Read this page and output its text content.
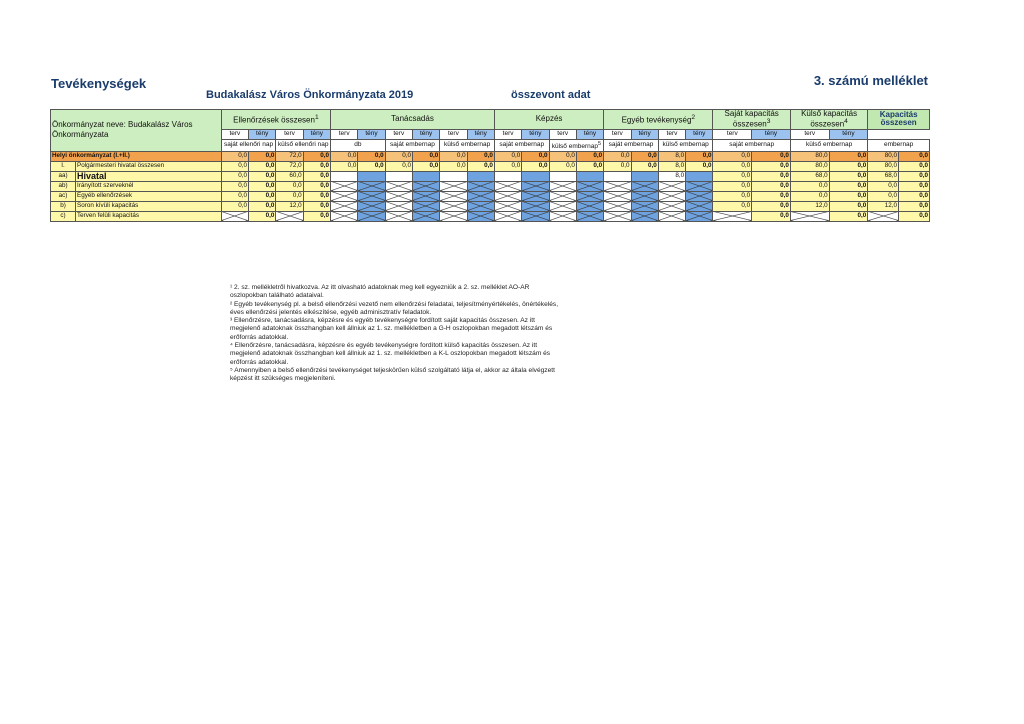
Tevékenységek
Budakalász Város Önkormányzata 2019	összevont adat
3. számú melléklet
Önkormányzat neve: Budakalász Város Önkormányzata		Ellenőrzések összesen$^1$				Tanácsadás						Képzés				Egyéb tevékenység$^2$				Saját kapacitás összesen$^3$		Külső kapacitás összesen$^4$		Kapacitás összesen	
		terv	tény	terv	tény	terv	tény	terv	tény	terv	tény	terv	tény	terv	tény	terv	tény	terv	tény	terv	tény	terv	tény		
		saját ellenőri nap		külső ellenőri nap		db		saját embernap		külső embernap		saját embernap		külső embernap$^5$		saját embernap		külső embernap		saját embernap		külső embernap		embernap	
Helyi önkormányzat (I.+II.)		0,0	0,0	72,0	0,0	0,0	0,0	0,0	0,0	0,0	0,0	0,0	0,0	0,0	0,0	0,0	0,0	8,0	0,0	0,0	0,0	80,0	0,0	80,0	0,0
I.	Polgármesteri hivatal összesen	0,0	0,0	72,0	0,0	0,0	0,0	0,0	0,0	0,0	0,0	0,0	0,0	0,0	0,0	0,0	0,0	8,0	0,0	0,0	0,0	80,0	0,0	80,0	0,0
aa)	Hivatal	0,0	0,0	60,0	0,0													8,0		0,0	0,0	68,0	0,0	68,0	0,0
ab)	Irányított szerveknél	0,0	0,0	0,0	0,0															0,0	0,0	0,0	0,0	0,0	0,0
ac)	Egyéb ellenőrzések	0,0	0,0	0,0	0,0															0,0	0,0	0,0	0,0	0,0	0,0
b)	Soron kívüli kapacitás	0,0	0,0	12,0	0,0															0,0	0,0	12,0	0,0	12,0	0,0
c)	Terven felüli kapacitás		0,0		0,0																0,0		0,0		0,0

¹ 2. sz. mellékletről hivatkozva. Az itt olvasható adatoknak meg kell egyezniük a 2. sz. melléklet AO-AR oszlopokban található adataival.

² Egyéb tevékenység pl. a belső ellenőrzési vezető nem ellenőrzési feladatai, teljesítményértékelés, önértékelés, éves ellenőrzési jelentés elkészítése, egyéb adminisztratív feladatok.

³ Ellenőrzésre, tanácsadásra, képzésre és egyéb tevékenységre fordított saját kapacitás összesen. Az itt megjelenő adatoknak összhangban kell állniuk az 1. sz. mellékletben a G-H oszlopokban megadott létszám és erőforrás adatokkal.

⁴ Ellenőrzésre, tanácsadásra, képzésre és egyéb tevékenységre fordított külső kapacitás összesen. Az itt megjelenő adatoknak összhangban kell állniuk az 1. sz. mellékletben a K-L oszlopokban megadott létszám és erőforrás adatokkal.

⁵ Amennyiben a belső ellenőrzési tevékenységet teljeskörűen külső szolgáltató látja el, akkor az általa elvégzett képzést itt szükséges megjeleníteni.
